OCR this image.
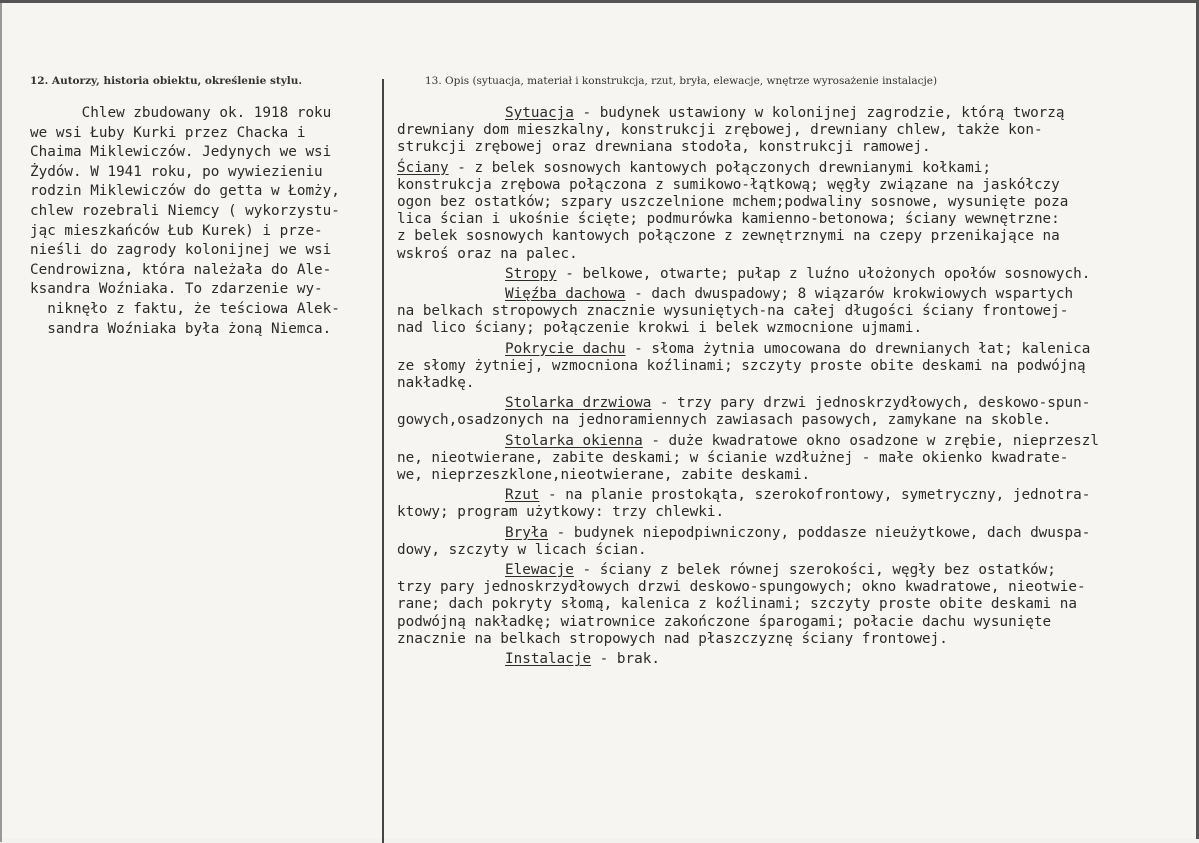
12. Autorzy, historia obiektu, określenie stylu.	13. Opis (sytuacja, materiał i konstrukcja, rzut, bryła, elewacje, wnętrze wyrosażenie instalacje)
Chlew zbudowany ok. 1918 roku
we wsi Łuby Kurki przez Chacka i
Chaima Miklewiczów. Jedynych we wsi
Żydów. W 1941 roku, po wywiezieniu
rodzin Miklewiczów do getta w Łomży,
chlew rozebrali Niemcy ( wykorzystu-
jąc mieszkańców Łub Kurek) i prze-
nieśli do zagrody kolonijnej we wsi
Cendrowizna, która należała do Ale-
ksandra Woźniaka. To zdarzenie wy-
niknęło z faktu, że teściowa Alek-
sandra Woźniaka była żoną Niemca.
Sytuacja - budynek ustawiony w kolonijnej zagrodzie, którą tworzą
drewniany dom mieszkalny, konstrukcji zrębowej, drewniany chlew, także kon-
strukcji zrębowej oraz drewniana stodoła, konstrukcji ramowej.
Ściany - z belek sosnowych kantowych połączonych drewnianymi kołkami;
konstrukcja zrębowa połączona z sumikowo-łątkową; węgły związane na jaskółczy
ogon bez ostatków; szpary uszczelnione mchem;podwaliny sosnowe, wysunięte poza
lica ścian i ukośnie ścięte; podmurówka kamienno-betonowa; ściany wewnętrzne:
z belek sosnowych kantowych połączone z zewnętrznymi na czepy przenikające na
wskroś oraz na palec.
Stropy - belkowe, otwarte; pułap z luźno ułożonych opołów sosnowych.
Więźba dachowa - dach dwuspadowy; 8 wiązarów krokwiowych wspartych
na belkach stropowych znacznie wysuniętych-na całej długości ściany frontowej-
nad lico ściany; połączenie krokwi i belek wzmocnione ujmami.
Pokrycie dachu - słoma żytnia umocowana do drewnianych łat; kalenica
ze słomy żytniej, wzmocniona koźlinami; szczyty proste obite deskami na podwójną
nakładkę.
Stolarka drzwiowa - trzy pary drzwi jednoskrzydłowych, deskowo-spun-
gowych,osadzonych na jednoramiennych zawiasach pasowych, zamykane na skoble.
Stolarka okienna - duże kwadratowe okno osadzone w zrębie, nieprzeszl
ne, nieotwierane, zabite deskami; w ścianie wzdłużnej - małe okienko kwadrate-
we, nieprzeszklone,nieotwierane, zabite deskami.
Rzut - na planie prostokąta, szerokofrontowy, symetryczny, jednotra-
ktowy; program użytkowy: trzy chlewki.
Bryła - budynek niepodpiwniczony, poddasze nieużytkowe, dach dwuspa-
dowy, szczyty w licach ścian.
Elewacje - ściany z belek równej szerokości, węgły bez ostatków;
trzy pary jednoskrzydłowych drzwi deskowo-spungowych; okno kwadratowe, nieotwie-
rane; dach pokryty słomą, kalenica z koźlinami; szczyty proste obite deskami na
podwójną nakładkę; wiatrownice zakończone śparogami; połacie dachu wysunięte
znacznie na belkach stropowych nad płaszczyznę ściany frontowej.
Instalacje - brak.
